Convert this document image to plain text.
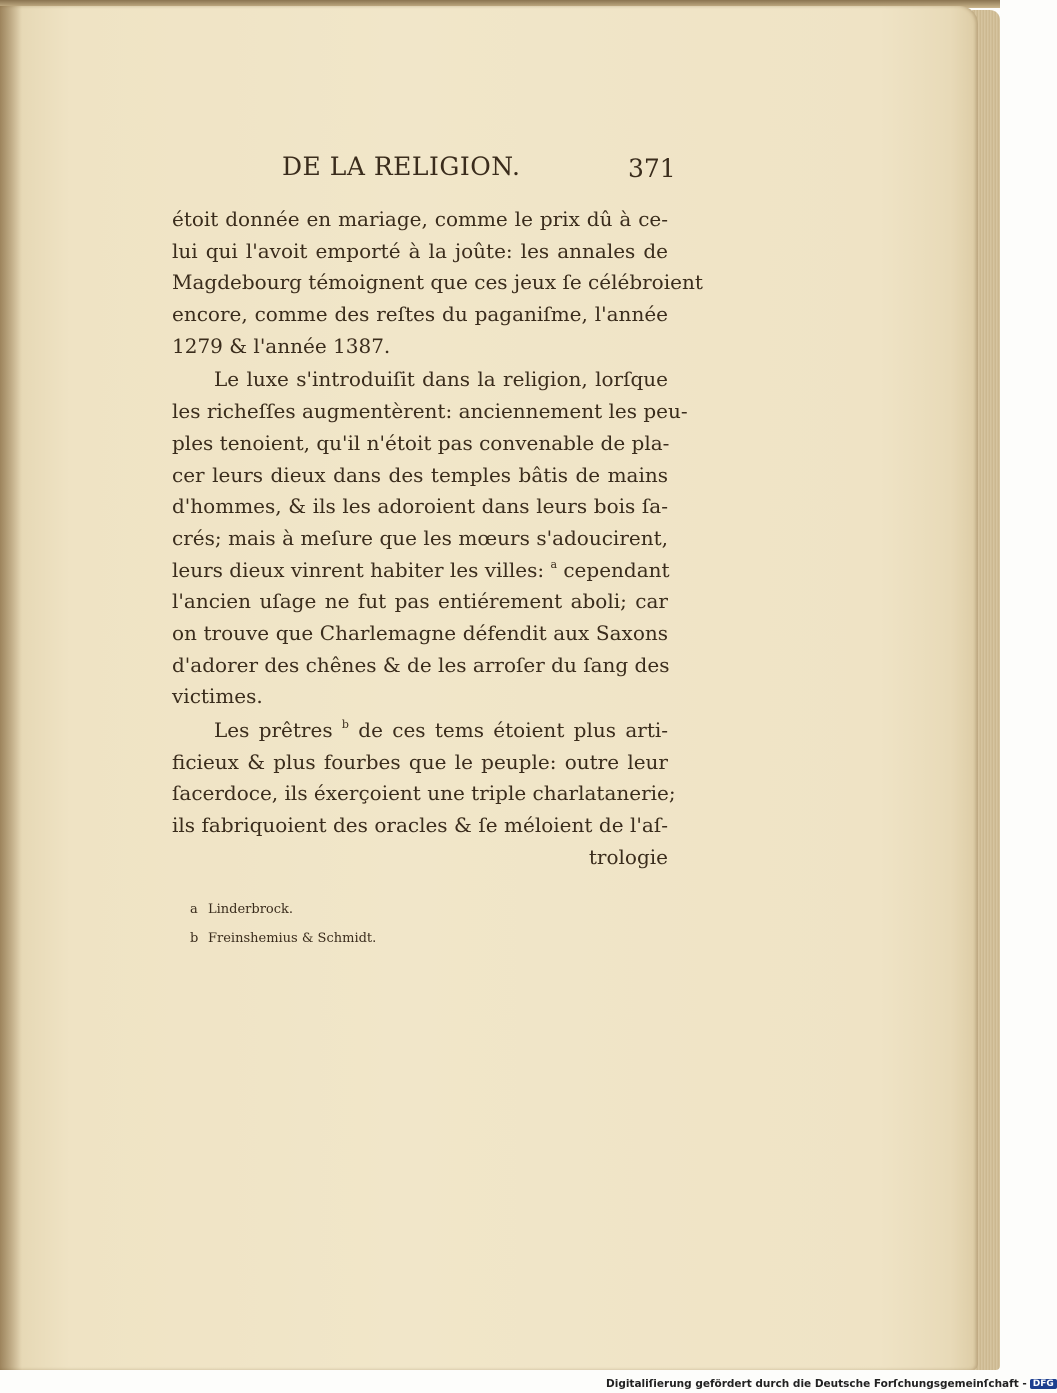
DE LA RELIGION.	371
étoit donnée en mariage, comme le prix dû à ce-
lui qui l'avoit emporté à la joûte: les annales de
Magdebourg témoignent que ces jeux ſe célébroient
encore, comme des reſtes du paganiſme, l'année
1279 & l'année 1387.
Le luxe s'introduiſit dans la religion, lorſque
les richeſſes augmentèrent: anciennement les peu-
ples tenoient, qu'il n'étoit pas convenable de pla-
cer leurs dieux dans des temples bâtis de mains
d'hommes, & ils les adoroient dans leurs bois ſa-
crés; mais à meſure que les mœurs s'adoucirent,
leurs dieux vinrent habiter les villes: $^a$ cependant
l'ancien uſage ne fut pas entiérement aboli; car
on trouve que Charlemagne défendit aux Saxons
d'adorer des chênes & de les arroſer du ſang des
victimes.
Les prêtres $^b$ de ces tems étoient plus arti-
ficieux & plus fourbes que le peuple: outre leur
ſacerdoce, ils éxerçoient une triple charlatanerie;
ils fabriquoient des oracles & ſe méloient de l'aſ-
trologie
a Linderbrock.
b Freinshemius & Schmidt.
Digitaliſierung gefördert durch die Deutsche Forſchungsgemeinſchaft - DFG
